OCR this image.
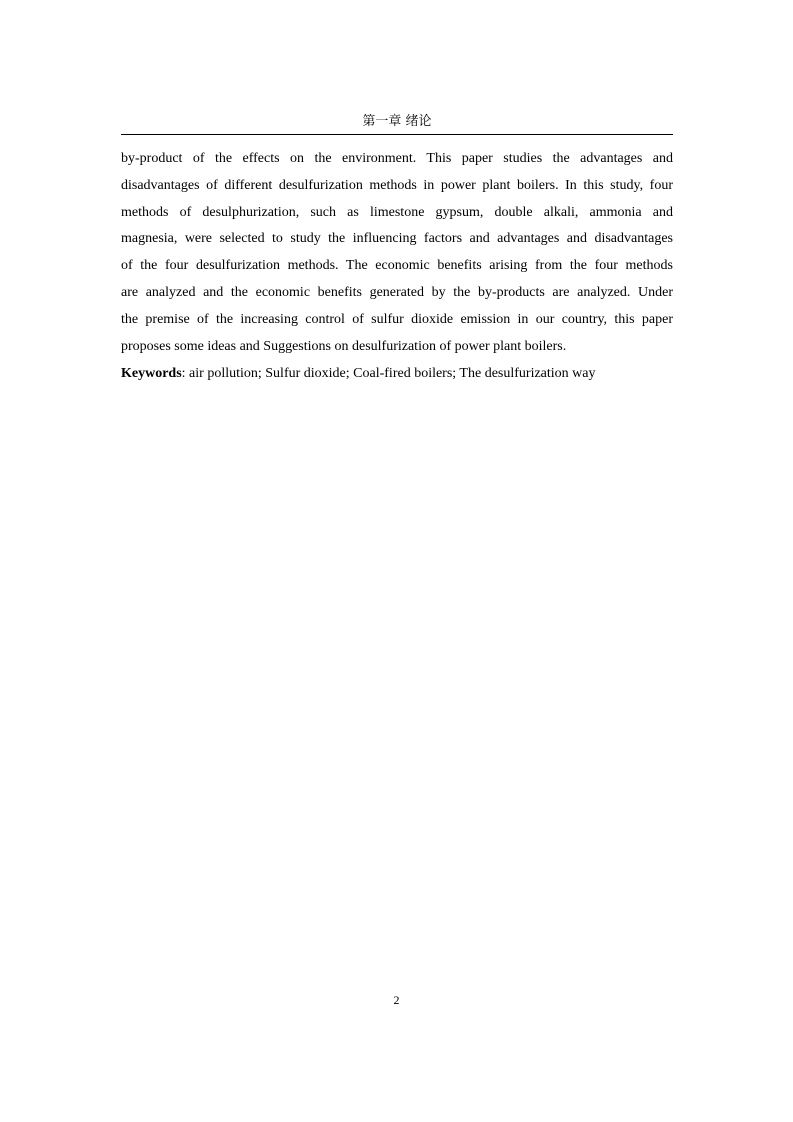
第一章 绪论

by-product of the effects on the environment. This paper studies the advantages and
disadvantages of different desulfurization methods in power plant boilers. In this study, four
methods of desulphurization, such as limestone gypsum, double alkali, ammonia and
magnesia, were selected to study the influencing factors and advantages and disadvantages
of the four desulfurization methods. The economic benefits arising from the four methods
are analyzed and the economic benefits generated by the by-products are analyzed. Under
the premise of the increasing control of sulfur dioxide emission in our country, this paper
proposes some ideas and Suggestions on desulfurization of power plant boilers.

Keywords: air pollution; Sulfur dioxide; Coal-fired boilers; The desulfurization way
2
